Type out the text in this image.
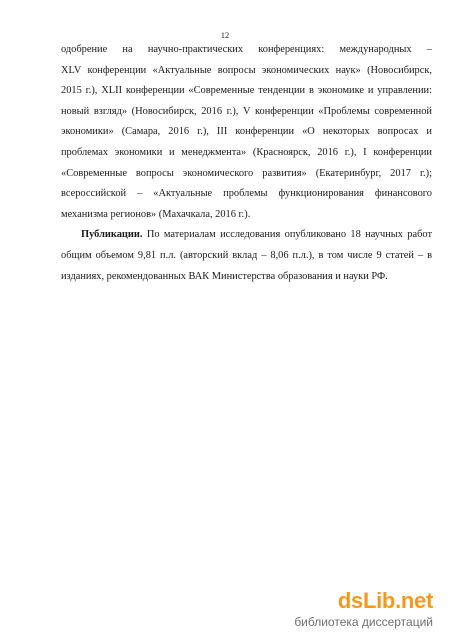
12
одобрение на научно-практических конференциях: международных –
XLV конференции «Актуальные вопросы экономических наук» (Новосибирск,
2015 г.), XLII конференции «Современные тенденции в экономике и управлении:
новый взгляд» (Новосибирск, 2016 г.), V конференции «Проблемы современной
экономики» (Самара, 2016 г.), III конференции «О некоторых вопросах и
проблемах экономики и менеджмента» (Красноярск, 2016 г.), I конференции
«Современные вопросы экономического развития» (Екатеринбург, 2017 г.);
всероссийской – «Актуальные проблемы функционирования финансового
механизма регионов» (Махачкала, 2016 г.).
Публикации. По материалам исследования опубликовано 18 научных работ
общим объемом 9,81 п.л. (авторский вклад – 8,06 п.л.), в том числе 9 статей – в
изданиях, рекомендованных ВАК Министерства образования и науки РФ.
dsLib.net
библиотека диссертаций
